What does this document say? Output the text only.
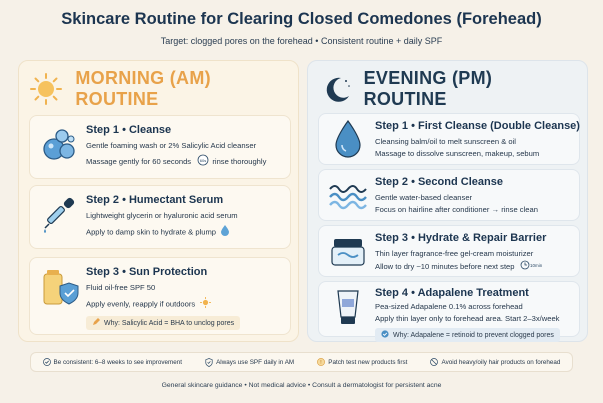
Skincare Routine for Clearing Closed Comedones (Forehead)
Target: clogged pores on the forehead • Consistent routine + daily SPF
MORNING (AM) ROUTINE
Step 1 • Cleanse
Gentle foaming wash or 2% Salicylic Acid cleanser
Massage gently for 60 seconds 60s rinse thoroughly
Step 2 • Humectant Serum
Lightweight glycerin or hyaluronic acid serum
Apply to damp skin to hydrate & plump
Step 3 • Sun Protection
Fluid oil-free SPF 50
Apply evenly, reapply if outdoors
Why: Salicylic Acid = BHA to unclog pores
EVENING (PM) ROUTINE
Step 1 • First Cleanse (Double Cleanse)
Cleansing balm/oil to melt sunscreen & oil
Massage to dissolve sunscreen, makeup, sebum
Step 2 • Second Cleanse
Gentle water-based cleanser
Focus on hairline after conditioner → rinse clean
Step 3 • Hydrate & Repair Barrier
Thin layer fragrance-free gel-cream moisturizer
Allow to dry ~10 minutes before next step	10min
Step 4 • Adapalene Treatment
Pea-sized Adapalene 0.1% across forehead
Apply thin layer only to forehead area. Start 2–3x/week
Why: Adapalene = retinoid to prevent clogged pores
Be consistent: 6–8 weeks to see improvement	Always use SPF daily in AM	! Patch test new products first	Avoid heavy/oily hair products on forehead
General skincare guidance • Not medical advice • Consult a dermatologist for persistent acne
